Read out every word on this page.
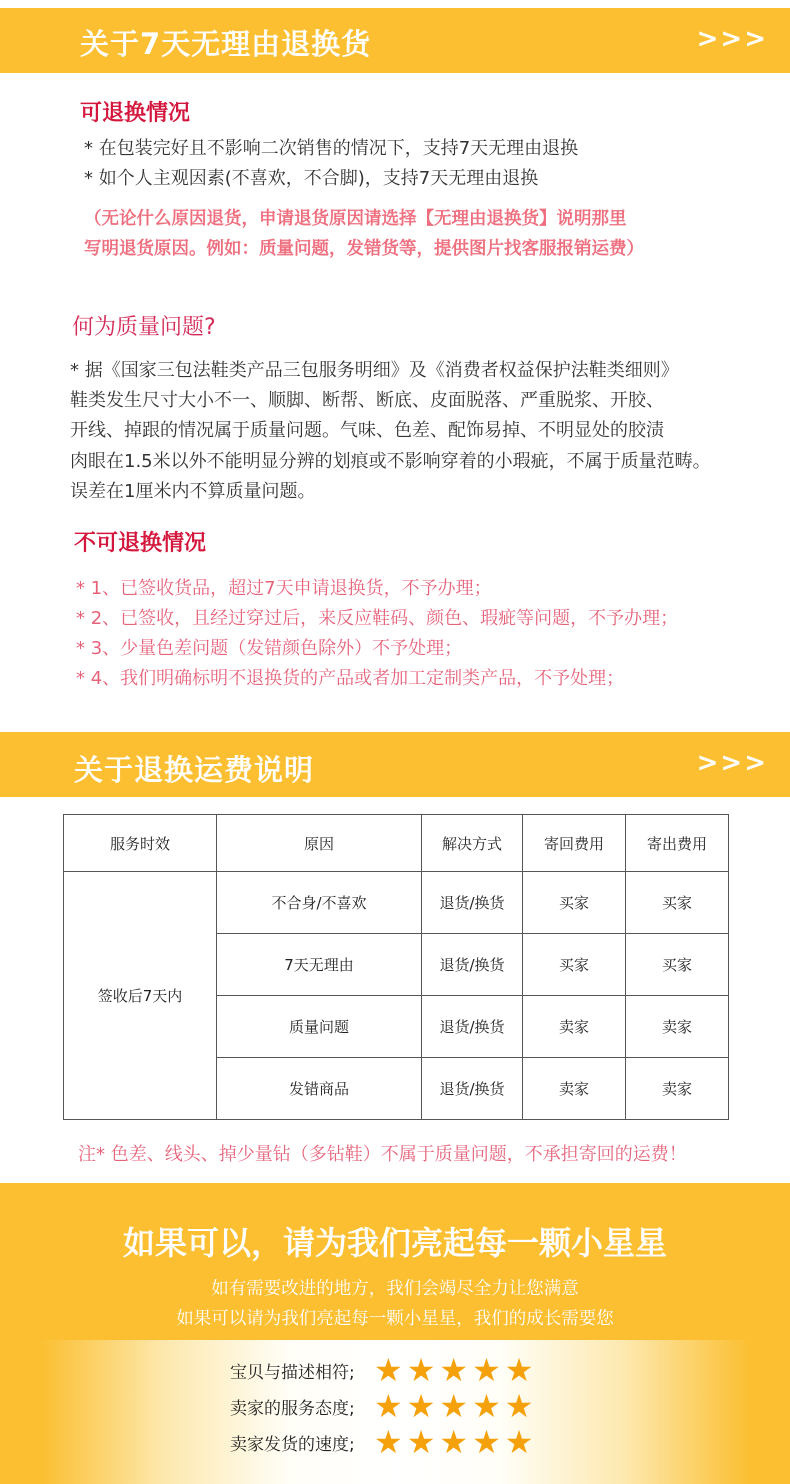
关于7天无理由退换货	>>>
可退换情况
* 在包装完好且不影响二次销售的情况下，支持7天无理由退换
* 如个人主观因素(不喜欢，不合脚)，支持7天无理由退换
（无论什么原因退货，申请退货原因请选择【无理由退换货】说明那里
写明退货原因。例如：质量问题，发错货等，提供图片找客服报销运费）
何为质量问题?
* 据《国家三包法鞋类产品三包服务明细》及《消费者权益保护法鞋类细则》
鞋类发生尺寸大小不一、顺脚、断帮、断底、皮面脱落、严重脱浆、开胶、
开线、掉跟的情况属于质量问题。气味、色差、配饰易掉、不明显处的胶渍
肉眼在1.5米以外不能明显分辨的划痕或不影响穿着的小瑕疵，不属于质量范畴。
误差在1厘米内不算质量问题。
不可退换情况
* 1、已签收货品，超过7天申请退换货，不予办理；
* 2、已签收，且经过穿过后，来反应鞋码、颜色、瑕疵等问题，不予办理；
* 3、少量色差问题（发错颜色除外）不予处理；
* 4、我们明确标明不退换货的产品或者加工定制类产品，不予处理；
关于退换运费说明	>>>
服务时效	原因	解决方式	寄回费用	寄出费用
签收后7天内	不合身/不喜欢	退货/换货	买家	买家
	7天无理由	退货/换货	买家	买家
	质量问题	退货/换货	卖家	卖家
	发错商品	退货/换货	卖家	卖家
注* 色差、线头、掉少量钻（多钻鞋）不属于质量问题，不承担寄回的运费！
如果可以，请为我们亮起每一颗小星星
如有需要改进的地方，我们会竭尽全力让您满意
如果可以请为我们亮起每一颗小星星，我们的成长需要您
宝贝与描述相符; ★ ★ ★ ★ ★
卖家的服务态度; ★ ★ ★ ★ ★
卖家发货的速度; ★ ★ ★ ★ ★
